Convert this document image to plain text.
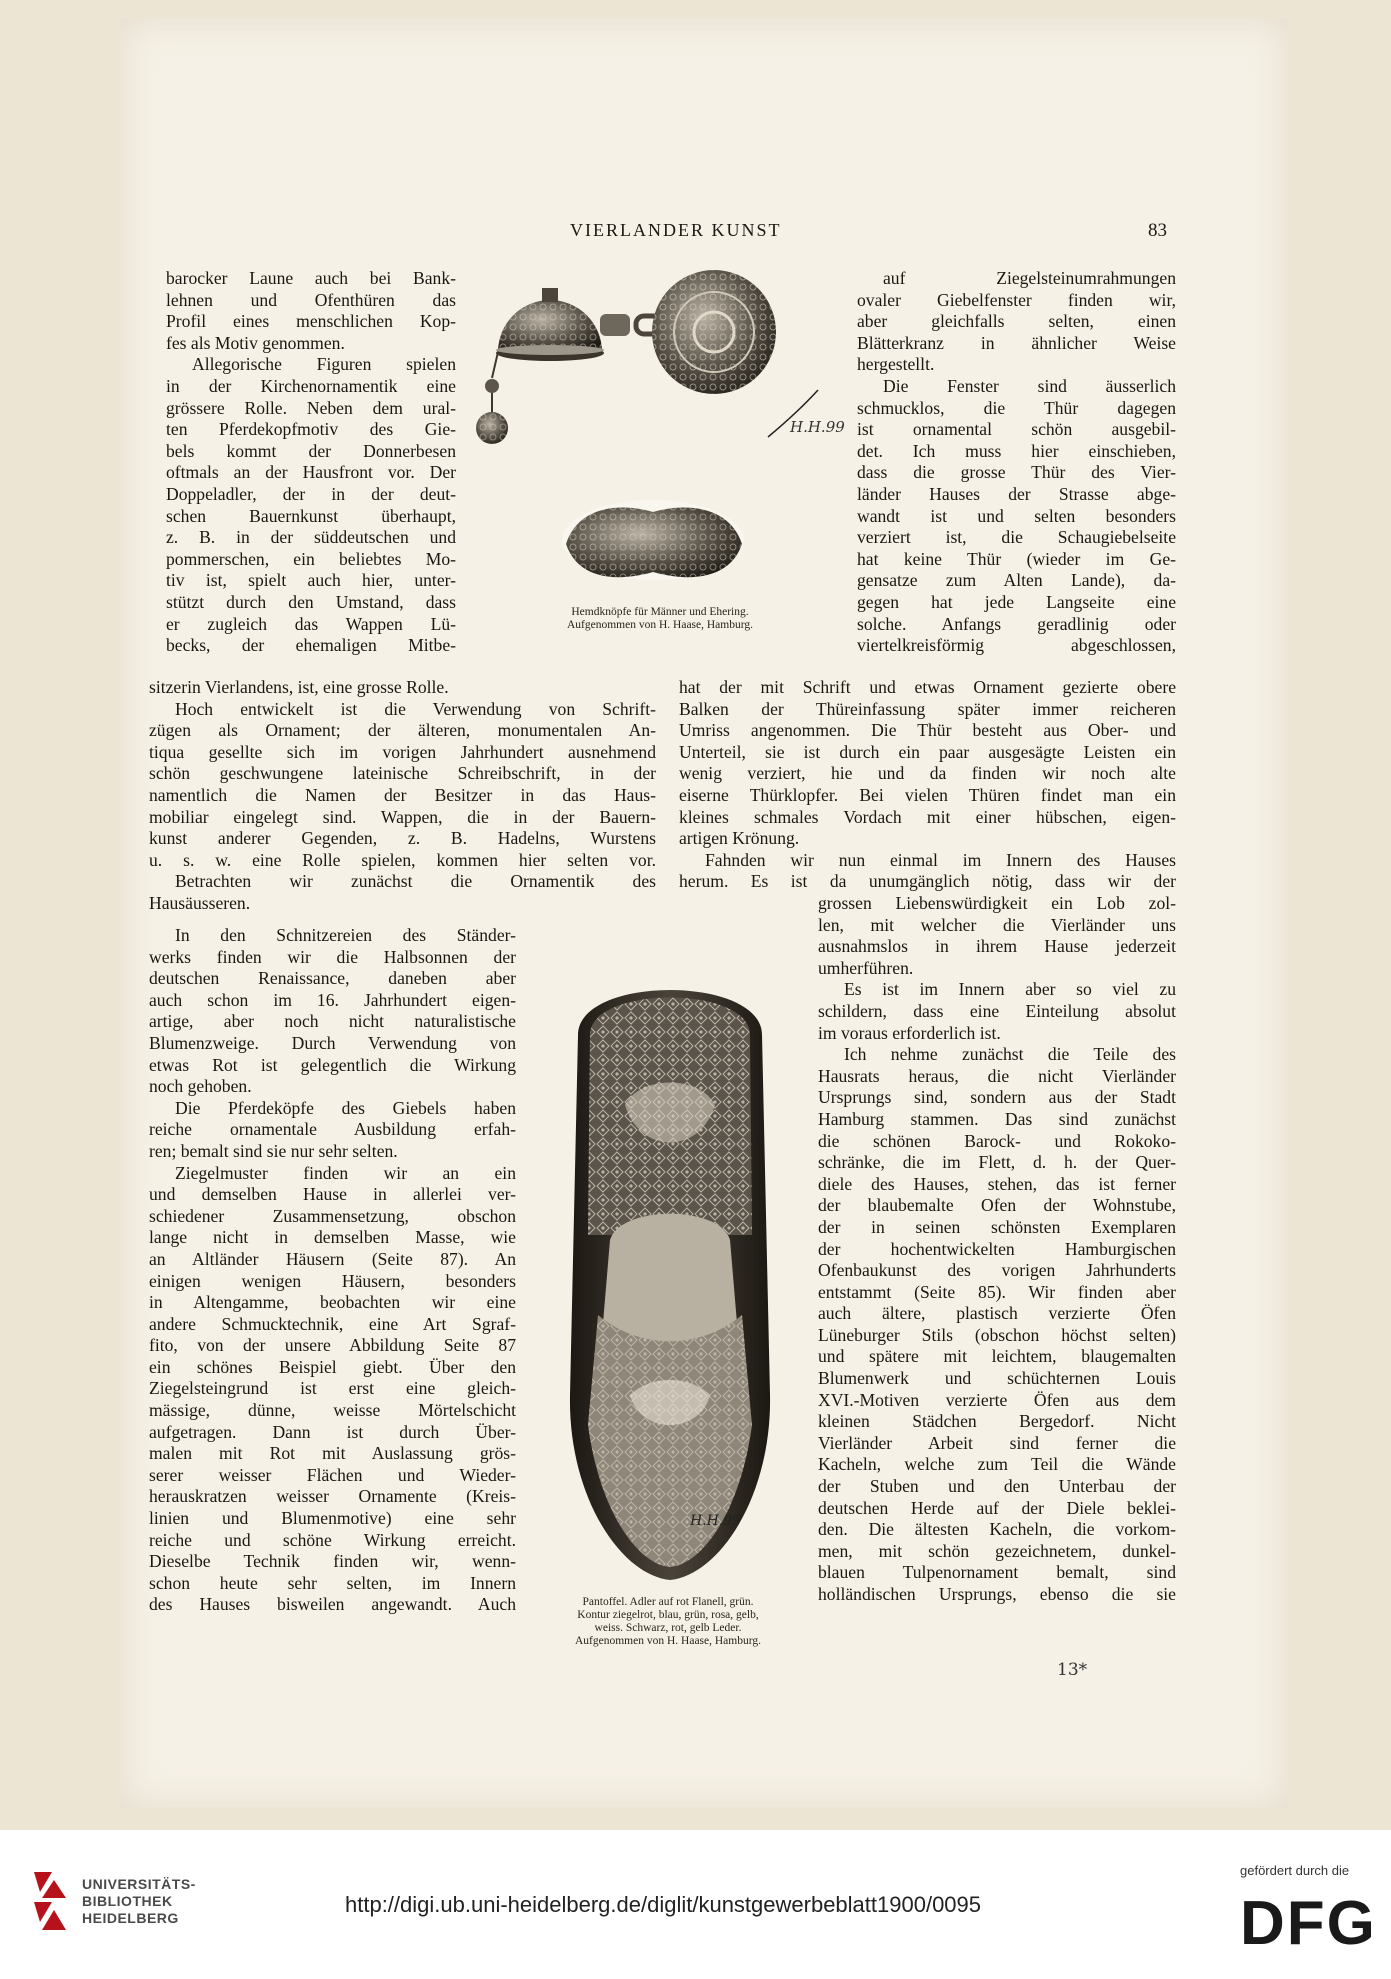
VIERLANDER KUNST	83
barocker Laune auch bei Bank-
lehnen und Ofenthüren das
Profil eines menschlichen Kop-
fes als Motiv genommen.
Allegorische Figuren spielen
in der Kirchenornamentik eine
grössere Rolle. Neben dem ural-
ten Pferdekopfmotiv des Gie-
bels kommt der Donnerbesen
oftmals an der Hausfront vor. Der
Doppeladler, der in der deut-
schen Bauernkunst überhaupt,
z. B. in der süddeutschen und
pommerschen, ein beliebtes Mo-
tiv ist, spielt auch hier, unter-
stützt durch den Umstand, dass
er zugleich das Wappen Lü-
becks, der ehemaligen Mitbe-
sitzerin Vierlandens, ist, eine grosse Rolle.
Hoch entwickelt ist die Verwendung von Schrift-
zügen als Ornament; der älteren, monumentalen An-
tiqua gesellte sich im vorigen Jahrhundert ausnehmend
schön geschwungene lateinische Schreibschrift, in der
namentlich die Namen der Besitzer in das Haus-
mobiliar eingelegt sind. Wappen, die in der Bauern-
kunst anderer Gegenden, z. B. Hadelns, Wurstens
u. s. w. eine Rolle spielen, kommen hier selten vor.
Betrachten wir zunächst die Ornamentik des
Hausäusseren.
In den Schnitzereien des Ständer-
werks finden wir die Halbsonnen der
deutschen Renaissance, daneben aber
auch schon im 16. Jahrhundert eigen-
artige, aber noch nicht naturalistische
Blumenzweige. Durch Verwendung von
etwas Rot ist gelegentlich die Wirkung
noch gehoben.
Die Pferdeköpfe des Giebels haben
reiche ornamentale Ausbildung erfah-
ren; bemalt sind sie nur sehr selten.
Ziegelmuster finden wir an ein
und demselben Hause in allerlei ver-
schiedener Zusammensetzung, obschon
lange nicht in demselben Masse, wie
an Altländer Häusern (Seite 87). An
einigen wenigen Häusern, besonders
in Altengamme, beobachten wir eine
andere Schmucktechnik, eine Art Sgraf-
fito, von der unsere Abbildung Seite 87
ein schönes Beispiel giebt. Über den
Ziegelsteingrund ist erst eine gleich-
mässige, dünne, weisse Mörtelschicht
aufgetragen. Dann ist durch Über-
malen mit Rot mit Auslassung grös-
serer weisser Flächen und Wieder-
herauskratzen weisser Ornamente (Kreis-
linien und Blumenmotive) eine sehr
reiche und schöne Wirkung erreicht.
Dieselbe Technik finden wir, wenn-
schon heute sehr selten, im Innern
des Hauses bisweilen angewandt. Auch
auf Ziegelsteinumrahmungen
ovaler Giebelfenster finden wir,
aber gleichfalls selten, einen
Blätterkranz in ähnlicher Weise
hergestellt.
Die Fenster sind äusserlich
schmucklos, die Thür dagegen
ist ornamental schön ausgebil-
det. Ich muss hier einschieben,
dass die grosse Thür des Vier-
länder Hauses der Strasse abge-
wandt ist und selten besonders
verziert ist, die Schaugiebelseite
hat keine Thür (wieder im Ge-
gensatze zum Alten Lande), da-
gegen hat jede Langseite eine
solche. Anfangs geradlinig oder
viertelkreisförmig abgeschlossen,
hat der mit Schrift und etwas Ornament gezierte obere
Balken der Thüreinfassung später immer reicheren
Umriss angenommen. Die Thür besteht aus Ober- und
Unterteil, sie ist durch ein paar ausgesägte Leisten ein
wenig verziert, hie und da finden wir noch alte
eiserne Thürklopfer. Bei vielen Thüren findet man ein
kleines schmales Vordach mit einer hübschen, eigen-
artigen Krönung.
Fahnden wir nun einmal im Innern des Hauses
herum. Es ist da unumgänglich nötig, dass wir der
grossen Liebenswürdigkeit ein Lob zol-
len, mit welcher die Vierländer uns
ausnahmslos in ihrem Hause jederzeit
umherführen.
Es ist im Innern aber so viel zu
schildern, dass eine Einteilung absolut
im voraus erforderlich ist.
Ich nehme zunächst die Teile des
Hausrats heraus, die nicht Vierländer
Ursprungs sind, sondern aus der Stadt
Hamburg stammen. Das sind zunächst
die schönen Barock- und Rokoko-
schränke, die im Flett, d. h. der Quer-
diele des Hauses, stehen, das ist ferner
der blaubemalte Ofen der Wohnstube,
der in seinen schönsten Exemplaren
der hochentwickelten Hamburgischen
Ofenbaukunst des vorigen Jahrhunderts
entstammt (Seite 85). Wir finden aber
auch ältere, plastisch verzierte Öfen
Lüneburger Stils (obschon höchst selten)
und spätere mit leichtem, blaugemalten
Blumenwerk und schüchternen Louis
XVI.-Motiven verzierte Öfen aus dem
kleinen Städchen Bergedorf. Nicht
Vierländer Arbeit sind ferner die
Kacheln, welche zum Teil die Wände
der Stuben und den Unterbau der
deutschen Herde auf der Diele beklei-
den. Die ältesten Kacheln, die vorkom-
men, mit schön gezeichnetem, dunkel-
blauen Tulpenornament bemalt, sind
holländischen Ursprungs, ebenso die sie
H.H.99
Hemdknöpfe für Männer und Ehering.
Aufgenommen von H. Haase, Hamburg.
H.H.99
Pantoffel. Adler auf rot Flanell, grün.
Kontur ziegelrot, blau, grün, rosa, gelb,
weiss. Schwarz, rot, gelb Leder.
Aufgenommen von H. Haase, Hamburg.
13*
UNIVERSITÄTS-
BIBLIOTHEK
HEIDELBERG
http://digi.ub.uni-heidelberg.de/diglit/kunstgewerbeblatt1900/0095
gefördert durch die
DFG
